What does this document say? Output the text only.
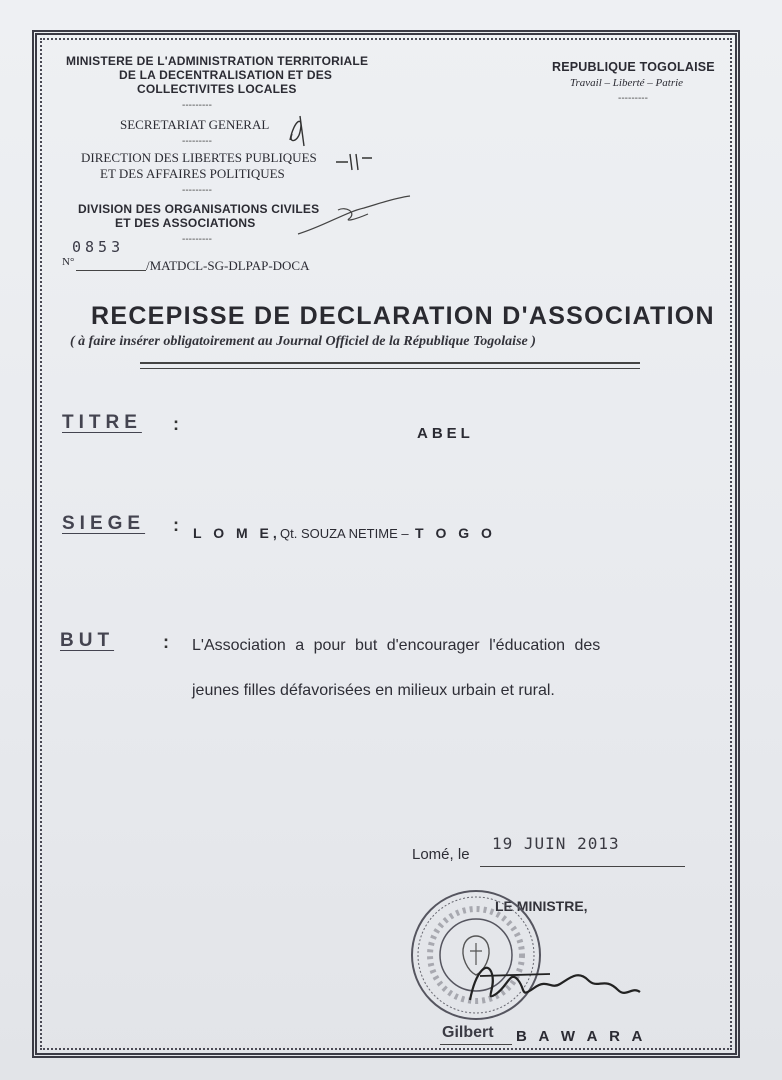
MINISTERE DE L'ADMINISTRATION TERRITORIALE
DE LA DECENTRALISATION ET DES
COLLECTIVITES LOCALES
---------
SECRETARIAT GENERAL
---------
DIRECTION DES LIBERTES PUBLIQUES
ET DES AFFAIRES POLITIQUES
---------
DIVISION DES ORGANISATIONS CIVILES
ET DES ASSOCIATIONS
---------
N°
0853
/MATDCL-SG-DLPAP-DOCA
REPUBLIQUE TOGOLAISE
Travail – Liberté – Patrie
---------
RECEPISSE DE DECLARATION D'ASSOCIATION
( à faire insérer obligatoirement au Journal Officiel de la République Togolaise )
TITRE :	ABEL
SIEGE : L O M E, Qt. SOUZA NETIME – T O G O
BUT	: L'Association a pour but d'encourager l'éducation des
jeunes filles défavorisées en milieux urbain et rural.
Lomé, le
19 JUIN 2013
LE MINISTRE,
Gilbert B A W A R A
